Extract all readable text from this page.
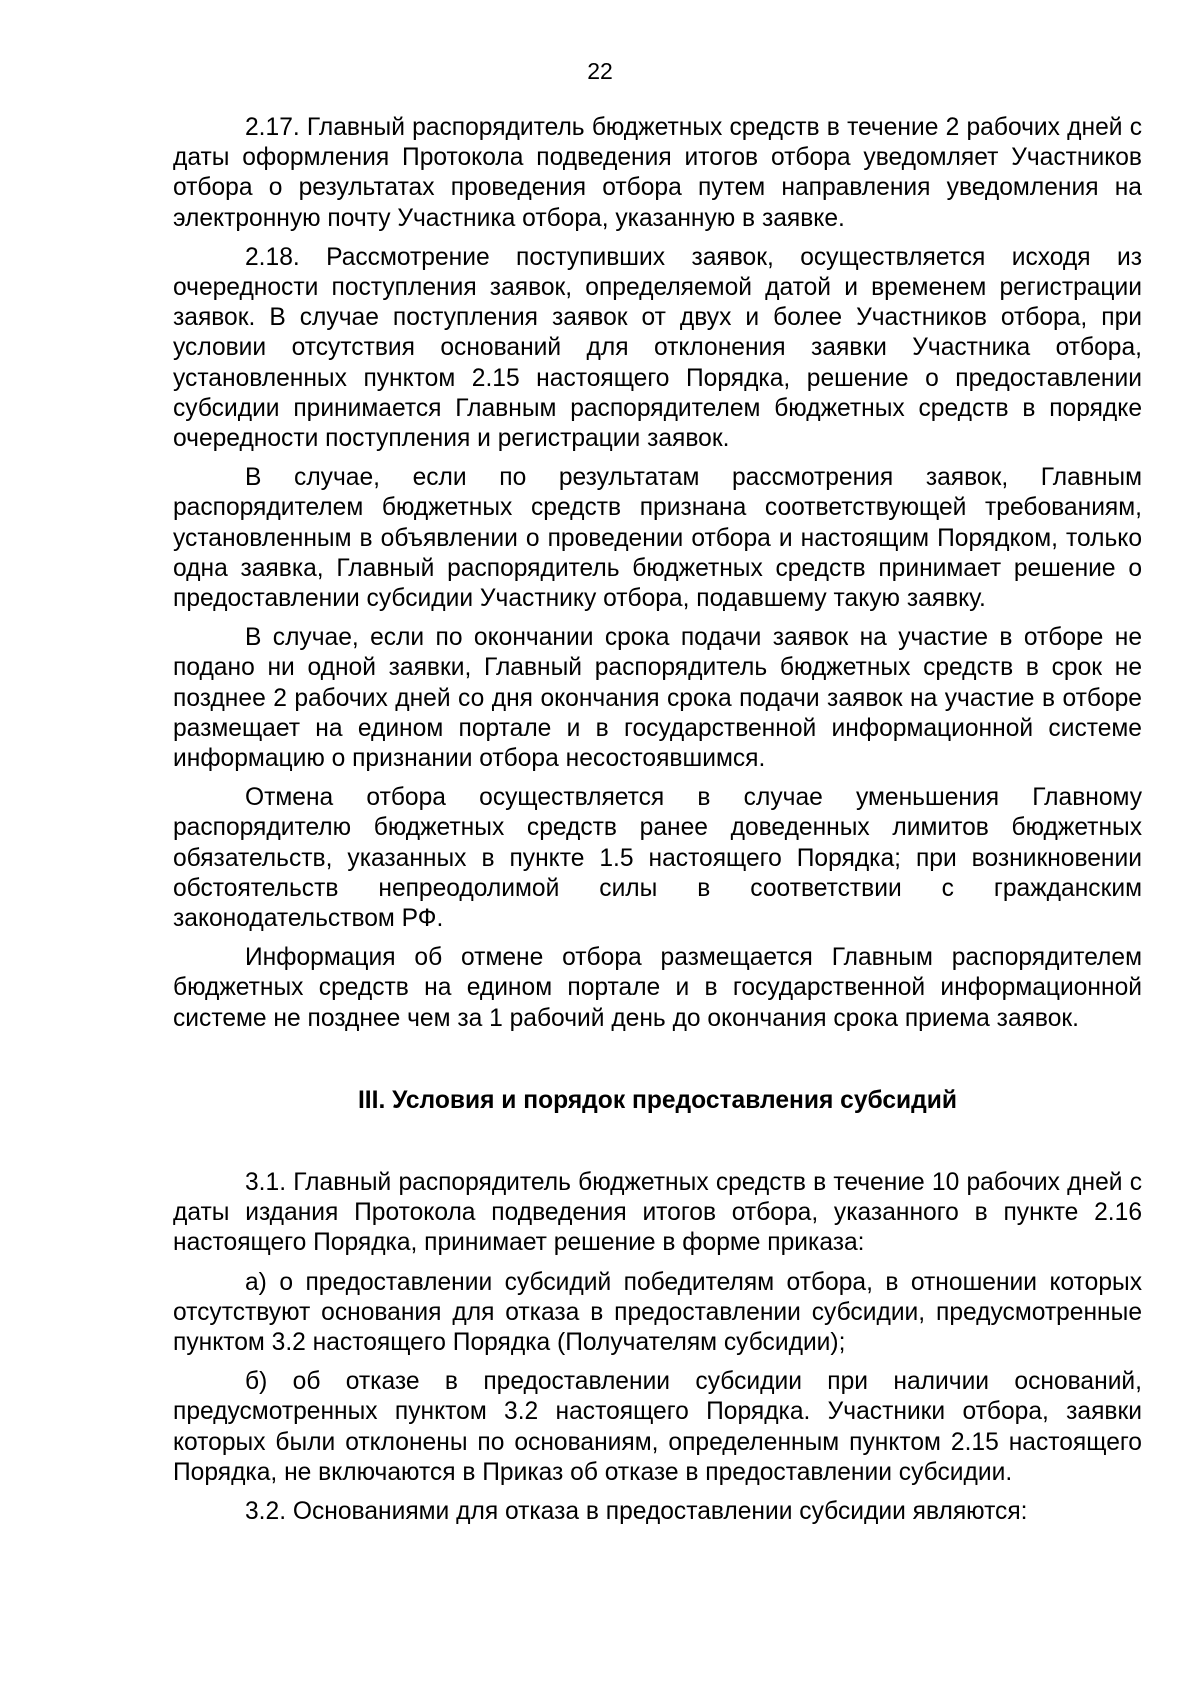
22

2.17. Главный распорядитель бюджетных средств в течение 2 рабочих дней с даты оформления Протокола подведения итогов отбора уведомляет Участников отбора о результатах проведения отбора путем направления уведомления на электронную почту Участника отбора, указанную в заявке.

2.18. Рассмотрение поступивших заявок, осуществляется исходя из очередности поступления заявок, определяемой датой и временем регистрации заявок. В случае поступления заявок от двух и более Участников отбора, при условии отсутствия оснований для отклонения заявки Участника отбора, установленных пунктом 2.15 настоящего Порядка, решение о предоставлении субсидии принимается Главным распорядителем бюджетных средств в порядке очередности поступления и регистрации заявок.

В случае, если по результатам рассмотрения заявок, Главным распорядителем бюджетных средств признана соответствующей требованиям, установленным в объявлении о проведении отбора и настоящим Порядком, только одна заявка, Главный распорядитель бюджетных средств принимает решение о предоставлении субсидии Участнику отбора, подавшему такую заявку.

В случае, если по окончании срока подачи заявок на участие в отборе не подано ни одной заявки, Главный распорядитель бюджетных средств в срок не позднее 2 рабочих дней со дня окончания срока подачи заявок на участие в отборе размещает на едином портале и в государственной информационной системе информацию о признании отбора несостоявшимся.

Отмена отбора осуществляется в случае уменьшения Главному распорядителю бюджетных средств ранее доведенных лимитов бюджетных обязательств, указанных в пункте 1.5 настоящего Порядка; при возникновении обстоятельств непреодолимой силы в соответствии с гражданским законодательством РФ.

Информация об отмене отбора размещается Главным распорядителем бюджетных средств на едином портале и в государственной информационной системе не позднее чем за 1 рабочий день до окончания срока приема заявок.

III. Условия и порядок предоставления субсидий

3.1. Главный распорядитель бюджетных средств в течение 10 рабочих дней с даты издания Протокола подведения итогов отбора, указанного в пункте 2.16 настоящего Порядка, принимает решение в форме приказа:

а) о предоставлении субсидий победителям отбора, в отношении которых отсутствуют основания для отказа в предоставлении субсидии, предусмотренные пунктом 3.2 настоящего Порядка (Получателям субсидии);

б) об отказе в предоставлении субсидии при наличии оснований, предусмотренных пунктом 3.2 настоящего Порядка. Участники отбора, заявки которых были отклонены по основаниям, определенным пунктом 2.15 настоящего Порядка, не включаются в Приказ об отказе в предоставлении субсидии.

3.2. Основаниями для отказа в предоставлении субсидии являются:
